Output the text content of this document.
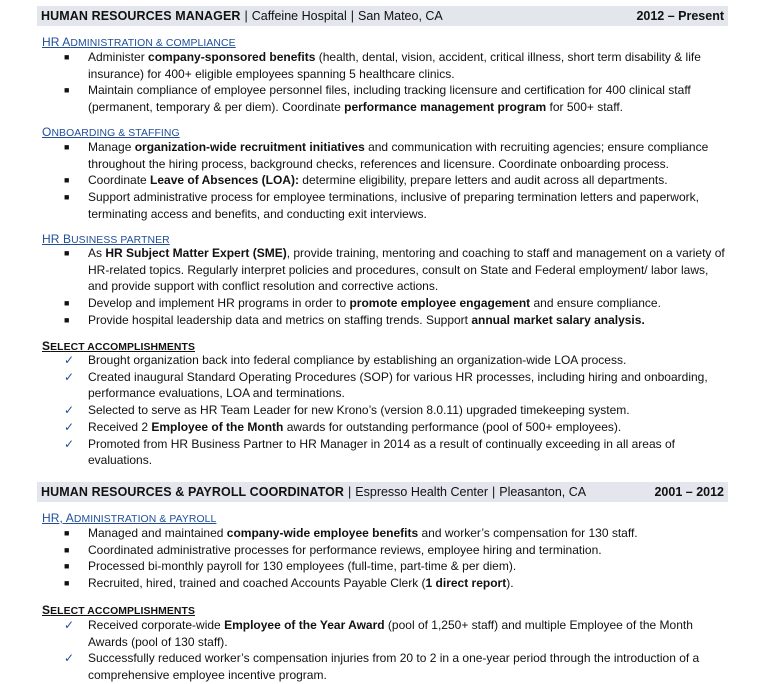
HUMAN RESOURCES MANAGER | Caffeine Hospital | San Mateo, CA	2012 – Present
HR ADMINISTRATION & COMPLIANCE
■	Administer company-sponsored benefits (health, dental, vision, accident, critical illness, short term disability & life insurance) for 400+ eligible employees spanning 5 healthcare clinics.
■	Maintain compliance of employee personnel files, including tracking licensure and certification for 400 clinical staff (permanent, temporary & per diem). Coordinate performance management program for 500+ staff.
ONBOARDING & STAFFING
■	Manage organization-wide recruitment initiatives and communication with recruiting agencies; ensure compliance throughout the hiring process, background checks, references and licensure. Coordinate onboarding process.
■	Coordinate Leave of Absences (LOA): determine eligibility, prepare letters and audit across all departments.
■	Support administrative process for employee terminations, inclusive of preparing termination letters and paperwork, terminating access and benefits, and conducting exit interviews.
HR BUSINESS PARTNER
■	As HR Subject Matter Expert (SME), provide training, mentoring and coaching to staff and management on a variety of HR-related topics. Regularly interpret policies and procedures, consult on State and Federal employment/ labor laws, and provide support with conflict resolution and corrective actions.
■	Develop and implement HR programs in order to promote employee engagement and ensure compliance.
■	Provide hospital leadership data and metrics on staffing trends. Support annual market salary analysis.
SELECT ACCOMPLISHMENTS
✓	Brought organization back into federal compliance by establishing an organization-wide LOA process.
✓	Created inaugural Standard Operating Procedures (SOP) for various HR processes, including hiring and onboarding, performance evaluations, LOA and terminations.
✓	Selected to serve as HR Team Leader for new Krono’s (version 8.0.11) upgraded timekeeping system.
✓	Received 2 Employee of the Month awards for outstanding performance (pool of 500+ employees).
✓	Promoted from HR Business Partner to HR Manager in 2014 as a result of continually exceeding in all areas of evaluations.
HUMAN RESOURCES & PAYROLL COORDINATOR | Espresso Health Center | Pleasanton, CA	2001 – 2012
HR, ADMINISTRATION & PAYROLL
■	Managed and maintained company-wide employee benefits and worker’s compensation for 130 staff.
■	Coordinated administrative processes for performance reviews, employee hiring and termination.
■	Processed bi-monthly payroll for 130 employees (full-time, part-time & per diem).
■	Recruited, hired, trained and coached Accounts Payable Clerk (1 direct report).
SELECT ACCOMPLISHMENTS
✓	Received corporate-wide Employee of the Year Award (pool of 1,250+ staff) and multiple Employee of the Month Awards (pool of 130 staff).
✓	Successfully reduced worker’s compensation injuries from 20 to 2 in a one-year period through the introduction of a comprehensive employee incentive program.
